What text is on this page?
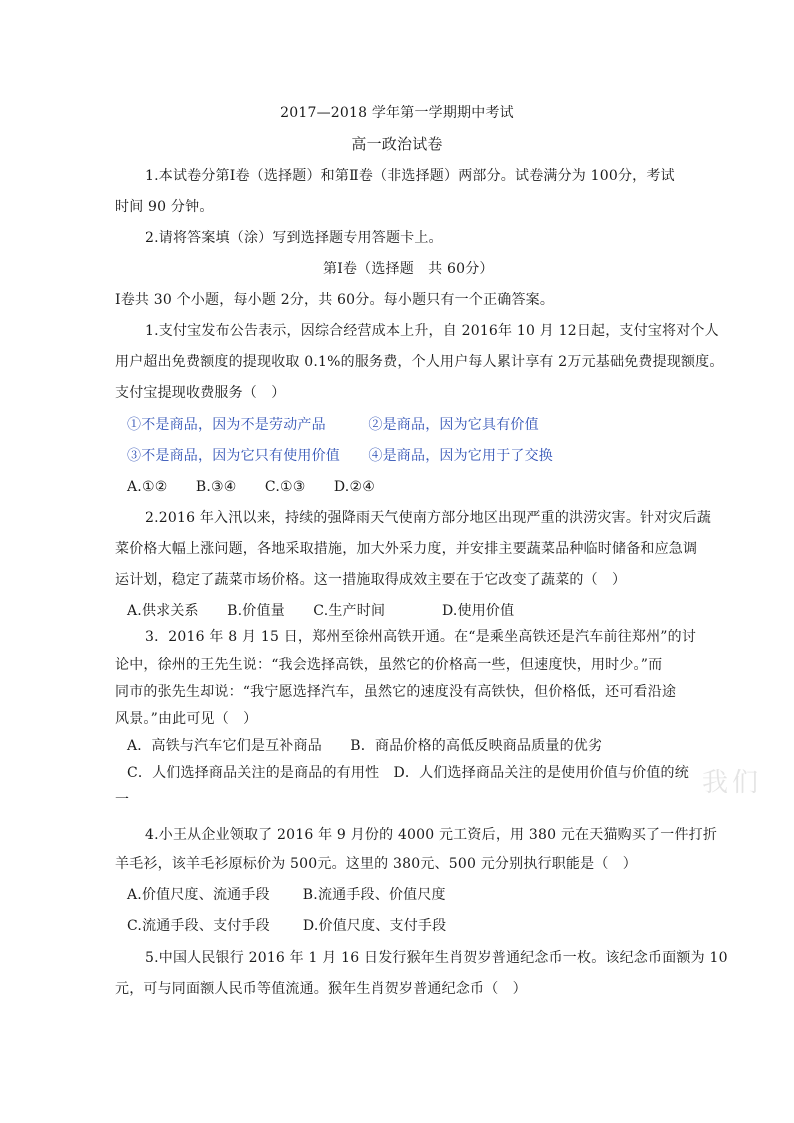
2017—2018 学年第一学期期中考试
高一政治试卷
1.本试卷分第Ⅰ卷（选择题）和第Ⅱ卷（非选择题）两部分。试卷满分为 100分，考试
时间 90 分钟。
2.请将答案填（涂）写到选择题专用答题卡上。
第Ⅰ卷（选择题　共 60分）
Ⅰ卷共 30 个小题，每小题 2分，共 60分。每小题只有一个正确答案。
1.支付宝发布公告表示，因综合经营成本上升，自 2016年 10 月 12日起，支付宝将对个人
用户超出免费额度的提现收取 0.1%的服务费，个人用户每人累计享有 2万元基础免费提现额度。
支付宝提现收费服务（　）
①不是商品，因为不是劳动产品　　　②是商品，因为它具有价值
③不是商品，因为它只有使用价值　　④是商品，因为它用于了交换
A.①②　　B.③④　　C.①③　　D.②④
2.2016 年入汛以来，持续的强降雨天气使南方部分地区出现严重的洪涝灾害。针对灾后蔬
菜价格大幅上涨问题，各地采取措施，加大外采力度，并安排主要蔬菜品种临时储备和应急调
运计划，稳定了蔬菜市场价格。这一措施取得成效主要在于它改变了蔬菜的（　）
A.供求关系　　B.价值量　　C.生产时间　　　　D.使用价值
3．2016 年 8 月 15 日，郑州至徐州高铁开通。在“是乘坐高铁还是汽车前往郑州”的讨
论中，徐州的王先生说：“我会选择高铁，虽然它的价格高一些，但速度快，用时少。”而
同市的张先生却说：“我宁愿选择汽车，虽然它的速度没有高铁快，但价格低，还可看沿途
风景。”由此可见（　）
A．高铁与汽车它们是互补商品　　B．商品价格的高低反映商品质量的优劣
C．人们选择商品关注的是商品的有用性　D．人们选择商品关注的是使用价值与价值的统
一
4.小王从企业领取了 2016 年 9 月份的 4000 元工资后，用 380 元在天猫购买了一件打折
羊毛衫，该羊毛衫原标价为 500元。这里的 380元、500 元分别执行职能是（　）
A.价值尺度、流通手段　　 B.流通手段、价值尺度
C.流通手段、支付手段　　 D.价值尺度、支付手段
5.中国人民银行 2016 年 1 月 16 日发行猴年生肖贺岁普通纪念币一枚。该纪念币面额为 10
元，可与同面额人民币等值流通。猴年生肖贺岁普通纪念币（　）
我们
